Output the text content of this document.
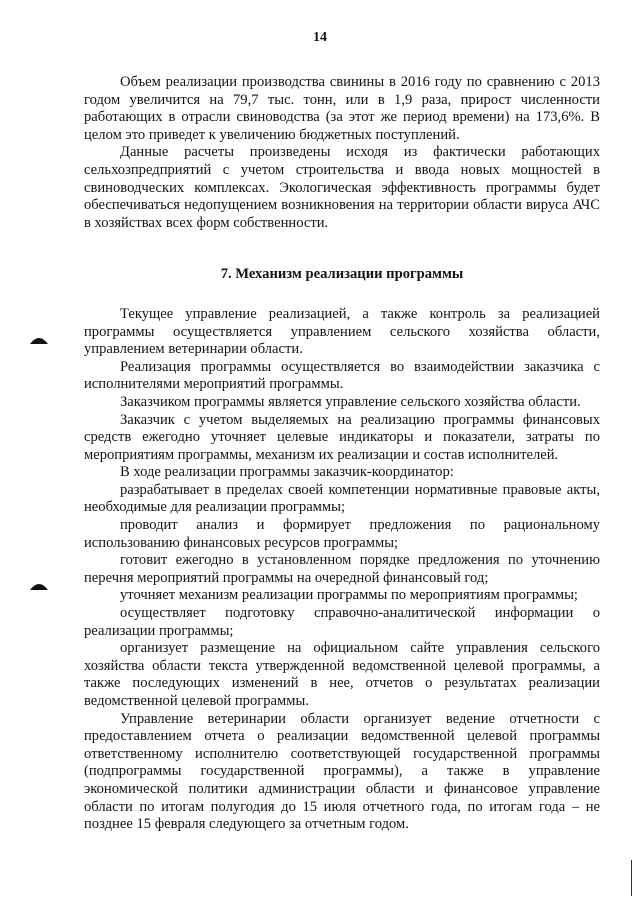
14

Объем реализации производства свинины в 2016 году по сравнению с 2013 годом увеличится на 79,7 тыс. тонн, или в 1,9 раза, прирост численности работающих в отрасли свиноводства (за этот же период времени) на 173,6%. В целом это приведет к увеличению бюджетных поступлений.

Данные расчеты произведены исходя из фактически работающих сельхозпредприятий с учетом строительства и ввода новых мощностей в свиноводческих комплексах. Экологическая эффективность программы будет обеспечиваться недопущением возникновения на территории области вируса АЧС в хозяйствах всех форм собственности.

7. Механизм реализации программы

Текущее управление реализацией, а также контроль за реализацией программы осуществляется управлением сельского хозяйства области, управлением ветеринарии области.

Реализация программы осуществляется во взаимодействии заказчика с исполнителями мероприятий программы.

Заказчиком программы является управление сельского хозяйства области.

Заказчик с учетом выделяемых на реализацию программы финансовых средств ежегодно уточняет целевые индикаторы и показатели, затраты по мероприятиям программы, механизм их реализации и состав исполнителей.

В ходе реализации программы заказчик-координатор:

разрабатывает в пределах своей компетенции нормативные правовые акты, необходимые для реализации программы;

проводит анализ и формирует предложения по рациональному использованию финансовых ресурсов программы;

готовит ежегодно в установленном порядке предложения по уточнению перечня мероприятий программы на очередной финансовый год;

уточняет механизм реализации программы по мероприятиям программы;

осуществляет подготовку справочно-аналитической информации о реализации программы;

организует размещение на официальном сайте управления сельского хозяйства области текста утвержденной ведомственной целевой программы, а также последующих изменений в нее, отчетов о результатах реализации ведомственной целевой программы.

Управление ветеринарии области организует ведение отчетности с предоставлением отчета о реализации ведомственной целевой программы ответственному исполнителю соответствующей государственной программы (подпрограммы государственной программы), а также в управление экономической политики администрации области и финансовое управление области по итогам полугодия до 15 июля отчетного года, по итогам года – не позднее 15 февраля следующего за отчетным годом.
